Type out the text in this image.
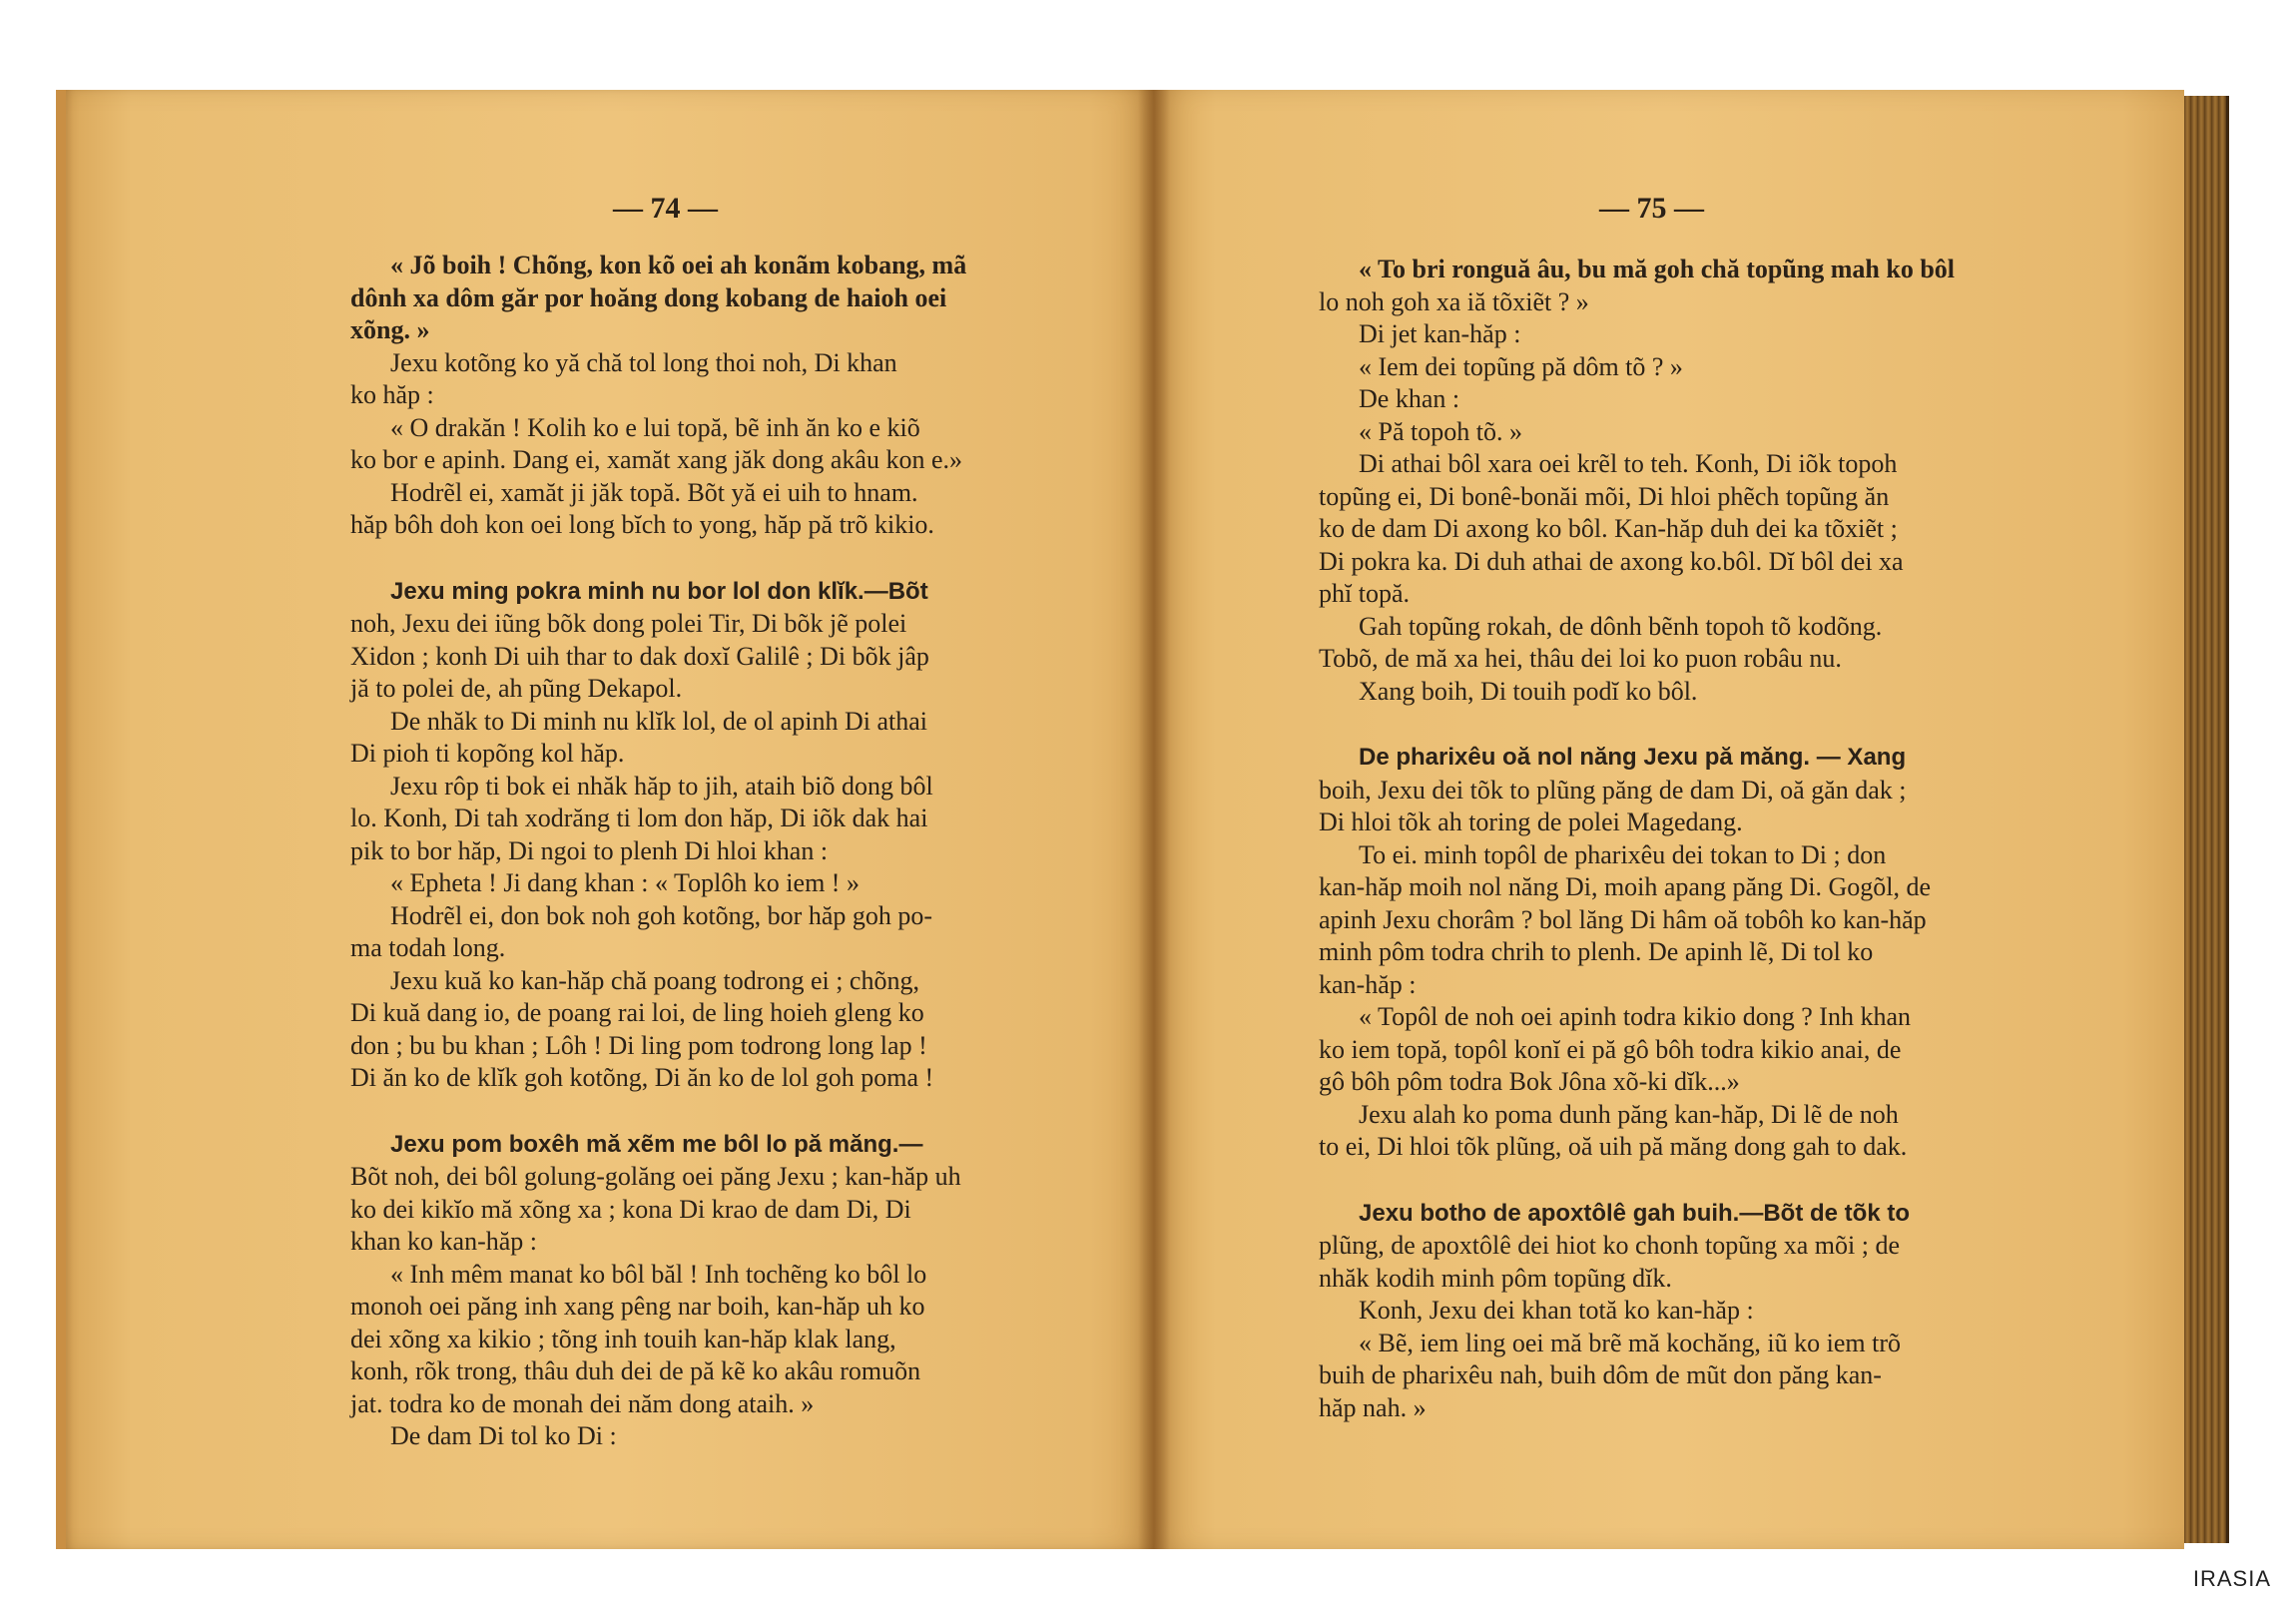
— 74 —
« Jõ boih ! Chõng, kon kõ oei ah konãm kobang, mã
dônh xa dôm găr por hoăng dong kobang de haioh oei
xõng. »
Jexu kotõng ko yă chă tol long thoi noh, Di khan
ko hăp :
« O drakăn ! Kolih ko e lui topă, bẽ inh ăn ko e kiõ
ko bor e apinh. Dang ei, xamăt xang jăk dong akâu kon e.»
Hodrẽl ei, xamăt ji jăk topă. Bõt yă ei uih to hnam.
hăp bôh doh kon oei long bĭch to yong, hăp pă trõ kikio.
Jexu ming pokra minh nu bor lol don klĭk.—Bõt
noh, Jexu dei iũng bõk dong polei Tir, Di bõk jẽ polei
Xidon ; konh Di uih thar to dak doxĭ Galilê ; Di bõk jâp
jă to polei de, ah pũng Dekapol.
De nhăk to Di minh nu klĭk lol, de ol apinh Di athai
Di pioh ti kopõng kol hăp.
Jexu rôp ti bok ei nhăk hăp to jih, ataih biõ dong bôl
lo. Konh, Di tah xodrăng ti lom don hăp, Di iõk dak hai
pik to bor hăp, Di ngoi to plenh Di hloi khan :
« Epheta ! Ji dang khan : « Toplôh ko iem ! »
Hodrẽl ei, don bok noh goh kotõng, bor hăp goh po-
ma todah long.
Jexu kuă ko kan-hăp chă poang todrong ei ; chõng,
Di kuă dang io, de poang rai loi, de ling hoieh gleng ko
don ; bu bu khan ; Lôh ! Di ling pom todrong long lap !
Di ăn ko de klĭk goh kotõng, Di ăn ko de lol goh poma !
Jexu pom boxêh mă xẽm me bôl lo pă măng.—
Bõt noh, dei bôl golung-golăng oei păng Jexu ; kan-hăp uh
ko dei kikĭo mă xõng xa ; kona Di krao de dam Di, Di
khan ko kan-hăp :
« Inh mêm manat ko bôl băl ! Inh tochẽng ko bôl lo
monoh oei păng inh xang pêng nar boih, kan-hăp uh ko
dei xõng xa kikio ; tõng inh touih kan-hăp klak lang,
konh, rõk trong, thâu duh dei de pă kẽ ko akâu romuõn
jat. todra ko de monah dei năm dong ataih. »
De dam Di tol ko Di :
— 75 —
« To bri ronguă âu, bu mă goh chă topũng mah ko bôl
lo noh goh xa iă tõxiẽt ? »
Di jet kan-hăp :
« Iem dei topũng pă dôm tõ ? »
De khan :
« Pă topoh tõ. »
Di athai bôl xara oei krẽl to teh. Konh, Di iõk topoh
topũng ei, Di bonê-bonăi mõi, Di hloi phẽch topũng ăn
ko de dam Di axong ko bôl. Kan-hăp duh dei ka tõxiẽt ;
Di pokra ka. Di duh athai de axong ko.bôl. Dĭ bôl dei xa
phĭ topă.
Gah topũng rokah, de dônh bẽnh topoh tõ kodõng.
Tobõ, de mă xa hei, thâu dei loi ko puon robâu nu.
Xang boih, Di touih podĭ ko bôl.
De pharixêu oă nol năng Jexu pă măng. — Xang
boih, Jexu dei tõk to plũng păng de dam Di, oă găn dak ;
Di hloi tõk ah toring de polei Magedang.
To ei. minh topôl de pharixêu dei tokan to Di ; don
kan-hăp moih nol năng Di, moih apang păng Di. Gogõl, de
apinh Jexu chorâm ? bol lăng Di hâm oă tobôh ko kan-hăp
minh pôm todra chrih to plenh. De apinh lẽ, Di tol ko
kan-hăp :
« Topôl de noh oei apinh todra kikio dong ? Inh khan
ko iem topă, topôl konĭ ei pă gô bôh todra kikio anai, de
gô bôh pôm todra Bok Jôna xõ-ki dĭk...»
Jexu alah ko poma dunh păng kan-hăp, Di lẽ de noh
to ei, Di hloi tõk plũng, oă uih pă măng dong gah to dak.
Jexu botho de apoxtôlê gah buih.—Bõt de tõk to
plũng, de apoxtôlê dei hiot ko chonh topũng xa mõi ; de
nhăk kodih minh pôm topũng dĭk.
Konh, Jexu dei khan totă ko kan-hăp :
« Bẽ, iem ling oei mă brẽ mă kochăng, iũ ko iem trõ
buih de pharixêu nah, buih dôm de mũt don păng kan-
hăp nah. »
IRASIA
